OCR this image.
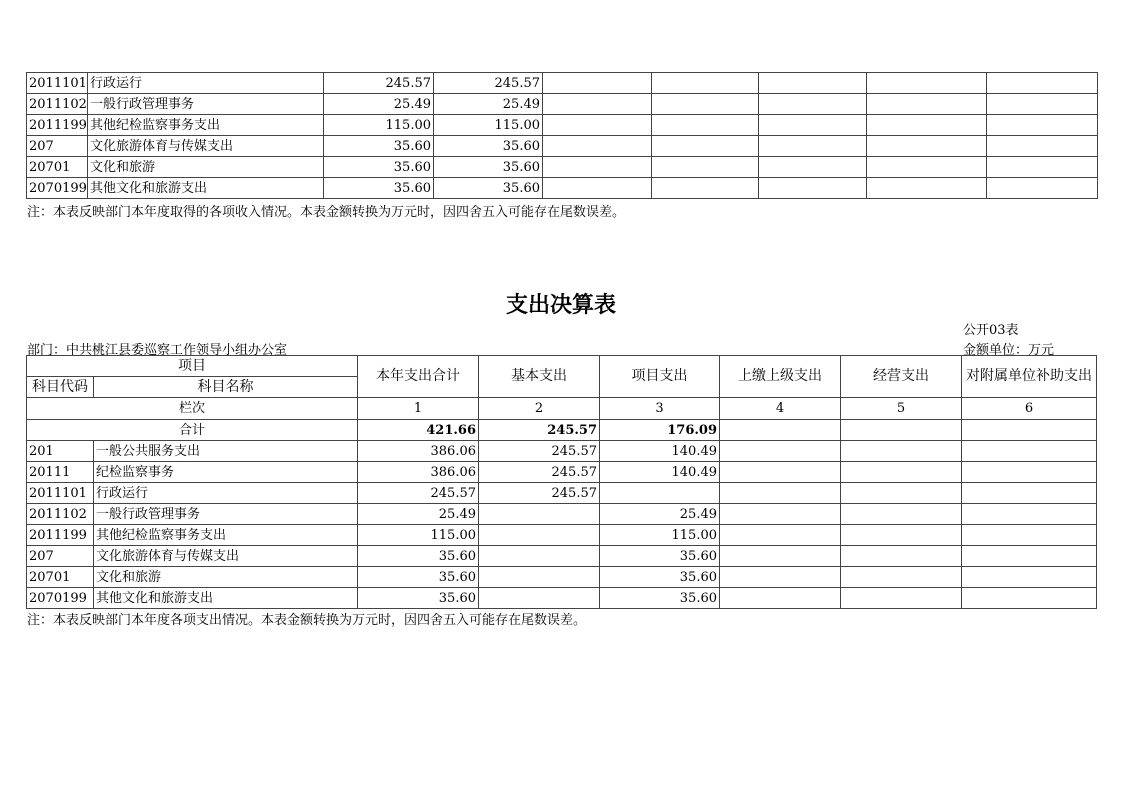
2011101	行政运行	245.57	245.57					
2011102	一般行政管理事务	25.49	25.49					
2011199	其他纪检监察事务支出	115.00	115.00					
207	文化旅游体育与传媒支出	35.60	35.60					
20701	文化和旅游	35.60	35.60					
2070199	其他文化和旅游支出	35.60	35.60					
注：本表反映部门本年度取得的各项收入情况。本表金额转换为万元时，因四舍五入可能存在尾数误差。
支出决算表
公开03表
部门：中共桃江县委巡察工作领导小组办公室	金额单位：万元
项目		本年支出合计	基本支出	项目支出	上缴上级支出	经营支出	对附属单位补助支出
科目代码	科目名称						
栏次		1	2	3	4	5	6
合计		421.66	245.57	176.09			
201	一般公共服务支出	386.06	245.57	140.49			
20111	纪检监察事务	386.06	245.57	140.49			
2011101	行政运行	245.57	245.57				
2011102	一般行政管理事务	25.49		25.49			
2011199	其他纪检监察事务支出	115.00		115.00			
207	文化旅游体育与传媒支出	35.60		35.60			
20701	文化和旅游	35.60		35.60			
2070199	其他文化和旅游支出	35.60		35.60			
注：本表反映部门本年度各项支出情况。本表金额转换为万元时，因四舍五入可能存在尾数误差。
